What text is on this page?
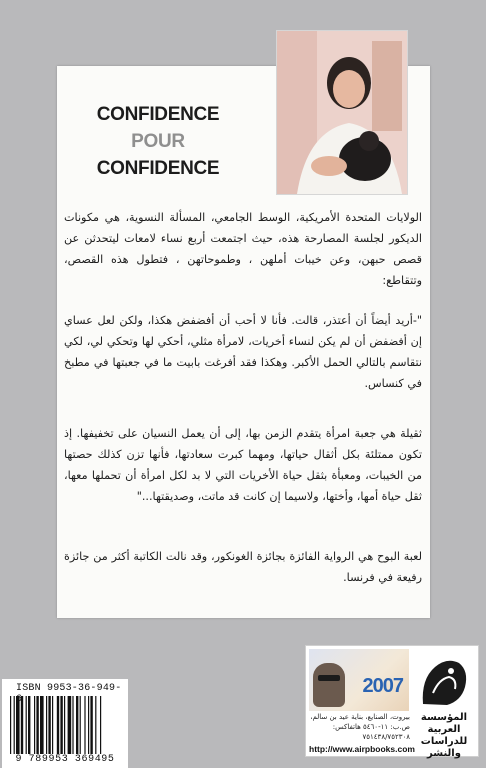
CONFIDENCE
POUR
CONFIDENCE
الولايات المتحدة الأمريكية، الوسط الجامعي، المسألة النسوية، هي مكونات الديكور لجلسة المصارحة هذه، حيث اجتمعت أربع نساء لامعات ليتحدثن عن قصص حبهن، وعن خيبات أملهن ، وطموحاتهن ، فتطول هذه القصص، وتتقاطع:
"-أريد أيضاً أن أعتذر، قالت. فأنا لا أحب أن أفضفض هكذا، ولكن لعل عساي إن أفضفض أن لم يكن لنساء أخريات، لامرأة مثلي، أحكي لها وتحكي لي، لكي نتقاسم بالتالي الحمل الأكبر. وهكذا فقد أفرغت بابيت ما في جعبتها في مطبخ في كنساس.
ثقيلة هي جعبة امرأة يتقدم الزمن بها، إلى أن يعمل النسيان على تخفيفها. إذ تكون ممتلئة بكل أثقال حياتها، ومهما كبرت سعادتها، فأنها تزن كذلك حصتها من الخيبات، ومعبأة بثقل حياة الأخريات التي لا بد لكل امرأة أن تحملها معها، ثقل حياة أمها، وأختها، ولاسيما إن كانت قد ماتت، وصديقتها..."
لعبة البوح هي الرواية الفائزة بجائزة الغونكور، وقد نالت الكاتبة أكثر من جائزة رفيعة في فرنسا.
ISBN 9953-36-949-
9 789953 369495
2007
المؤسسة
العربية
للدراسات
والنشر
بيروت، الصنايع، بناية عيد بن سالم، ص.ب: ١١-٥٤٦٠ هاتفاكس: ٧٥١٤٣٨/٧٥٢٣٠٨
http://www.airpbooks.com
